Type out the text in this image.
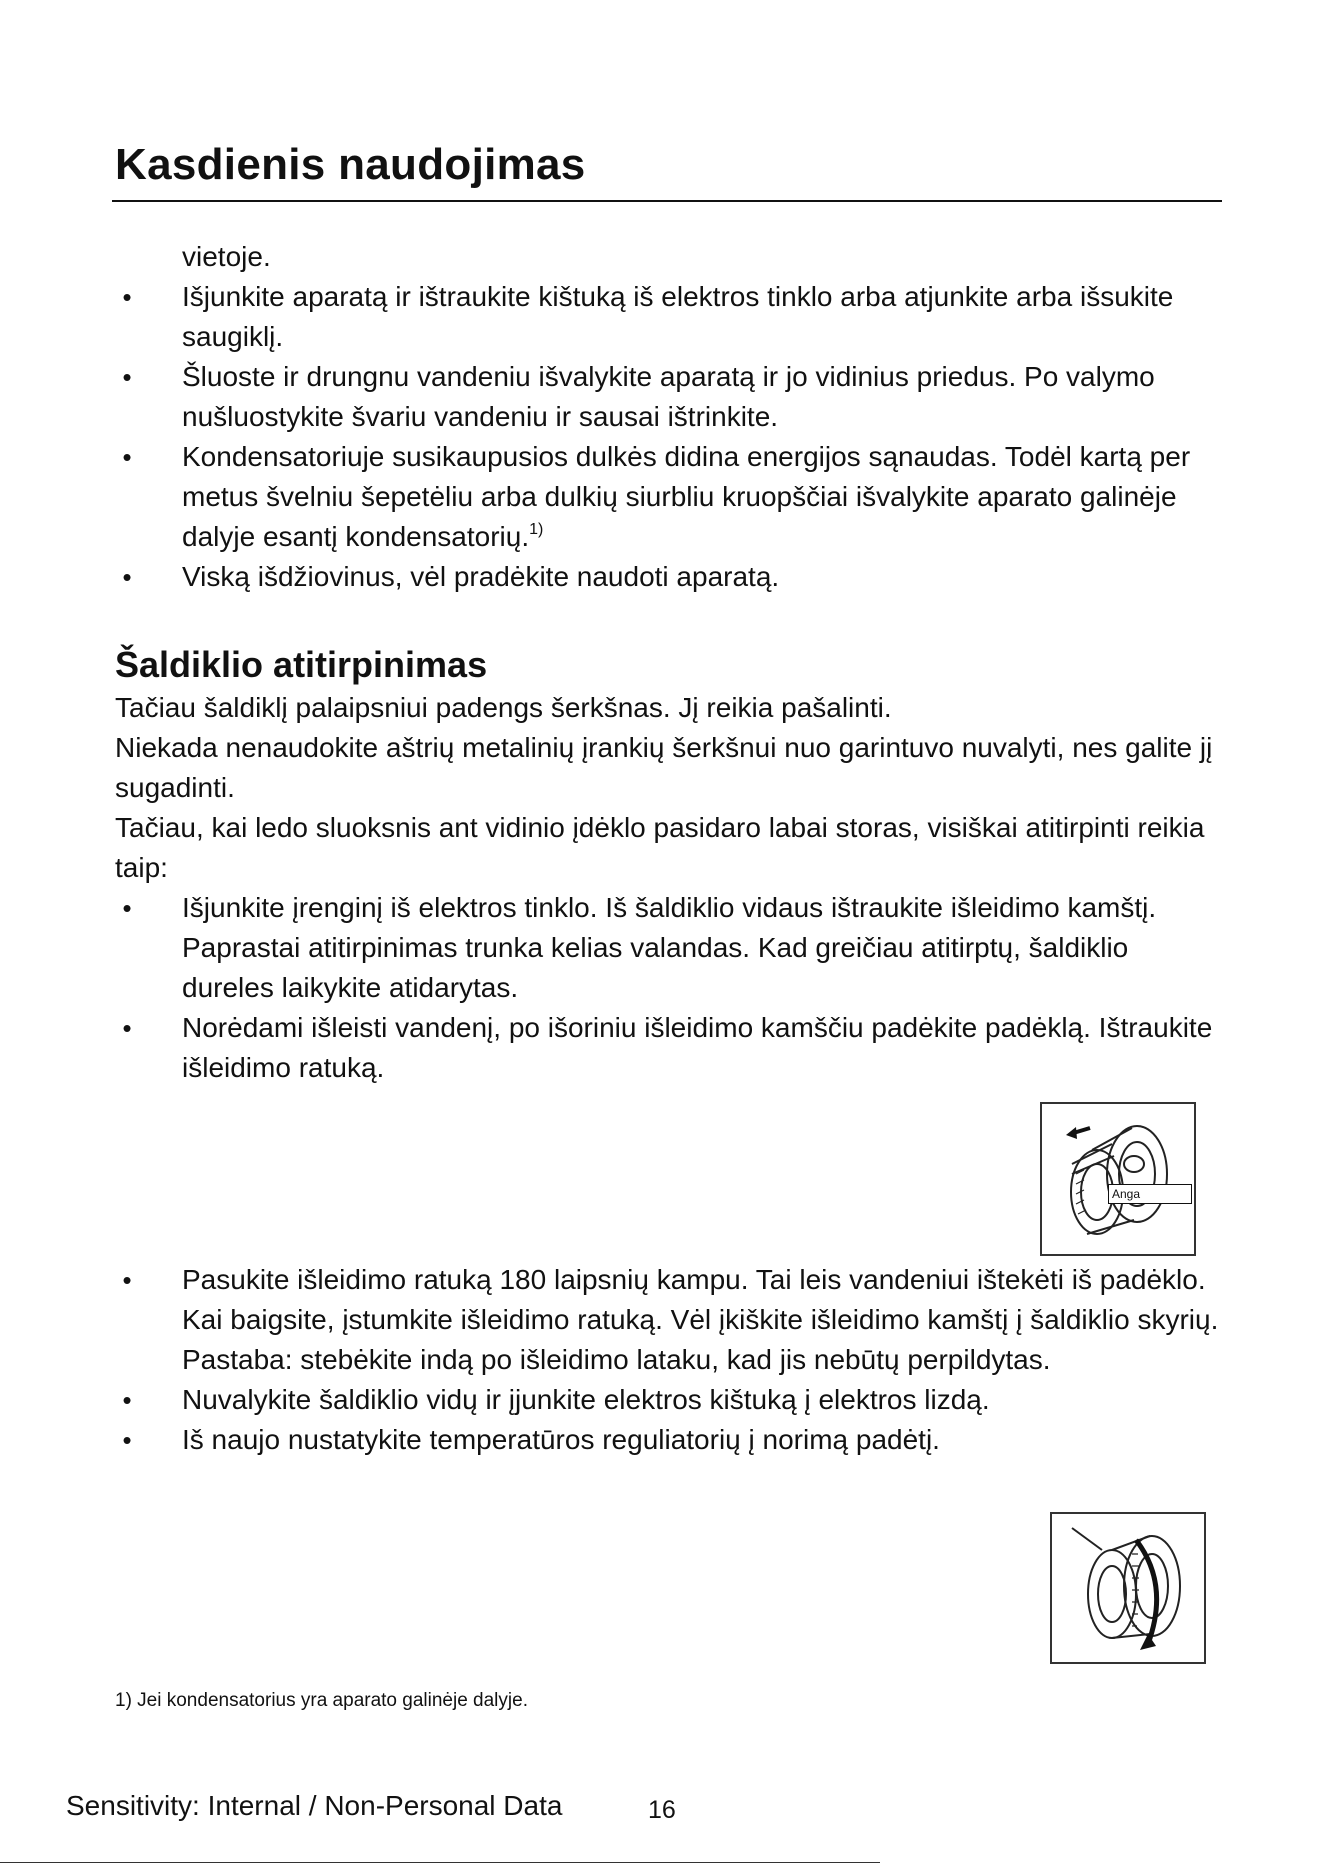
Kasdienis naudojimas
vietoje.
• Išjunkite aparatą ir ištraukite kištuką iš elektros tinklo arba atjunkite arba išsukite saugiklį.
• Šluoste ir drungnu vandeniu išvalykite aparatą ir jo vidinius priedus. Po valymo nušluostykite švariu vandeniu ir sausai ištrinkite.
• Kondensatoriuje susikaupusios dulkės didina energijos sąnaudas. Todėl kartą per metus švelniu šepetėliu arba dulkių siurbliu kruopščiai išvalykite aparato galinėje dalyje esantį kondensatorių.$^{1)}$
• Viską išdžiovinus, vėl pradėkite naudoti aparatą.
Šaldiklio atitirpinimas
Tačiau šaldiklį palaipsniui padengs šerkšnas. Jį reikia pašalinti.
Niekada nenaudokite aštrių metalinių įrankių šerkšnui nuo garintuvo nuvalyti, nes galite jį sugadinti.
Tačiau, kai ledo sluoksnis ant vidinio įdėklo pasidaro labai storas, visiškai atitirpinti reikia taip:
• Išjunkite įrenginį iš elektros tinklo. Iš šaldiklio vidaus ištraukite išleidimo kamštį. Paprastai atitirpinimas trunka kelias valandas. Kad greičiau atitirptų, šaldiklio dureles laikykite atidarytas.
• Norėdami išleisti vandenį, po išoriniu išleidimo kamščiu padėkite padėklą. Ištraukite išleidimo ratuką.
Anga
• Pasukite išleidimo ratuką 180 laipsnių kampu. Tai leis vandeniui ištekėti iš padėklo. Kai baigsite, įstumkite išleidimo ratuką. Vėl įkiškite išleidimo kamštį į šaldiklio skyrių. Pastaba: stebėkite indą po išleidimo lataku, kad jis nebūtų perpildytas.
• Nuvalykite šaldiklio vidų ir įjunkite elektros kištuką į elektros lizdą.
• Iš naujo nustatykite temperatūros reguliatorių į norimą padėtį.
1) Jei kondensatorius yra aparato galinėje dalyje.
Sensitivity: Internal / Non-Personal Data	16
